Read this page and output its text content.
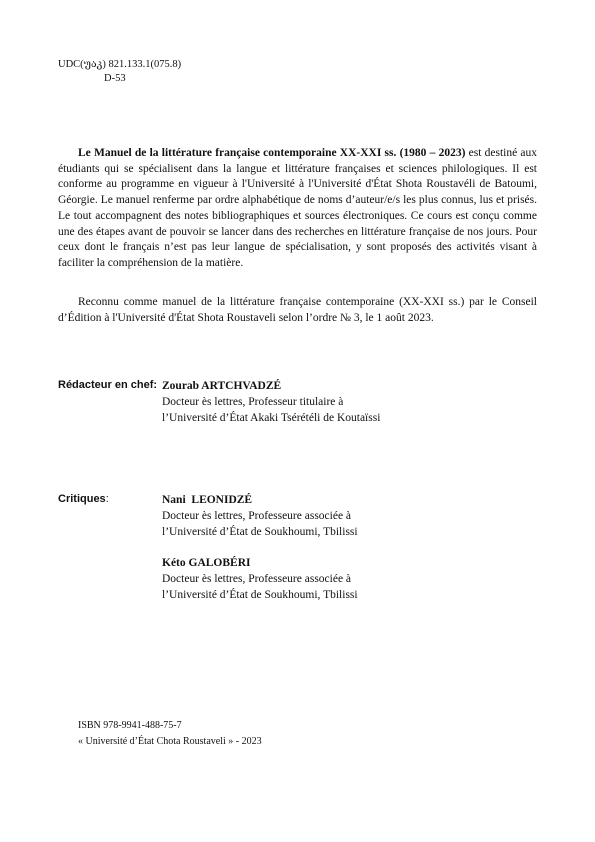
UDC(უაკ) 821.133.1(075.8)
D-53

Le Manuel de la littérature française contemporaine XX-XXI ss. (1980 – 2023) est destiné aux étudiants qui se spécialisent dans la langue et littérature françaises et sciences philologiques. Il est conforme au programme en vigueur à l'Université à l'Université d'État Shota Roustavéli de Batoumi, Géorgie. Le manuel renferme par ordre alphabétique de noms d’auteur/e/s les plus connus, lus et prisés. Le tout accompagnent des notes bibliographiques et sources électroniques. Ce cours est conçu comme une des étapes avant de pouvoir se lancer dans des recherches en littérature française de nos jours. Pour ceux dont le français n’est pas leur langue de spécialisation, y sont proposés des activités visant à faciliter la compréhension de la matière.

Reconnu comme manuel de la littérature française contemporaine (XX-XXI ss.) par le Conseil d’Édition à l'Université d'État Shota Roustaveli selon l’ordre № 3, le 1 août 2023.

Rédacteur en chef: Zourab ARTCHVADZÉ
Docteur ès lettres, Professeur titulaire à
l’Université d’État Akaki Tsérétéli de Koutaïssi
Critiques:	Nani  LEONIDZÉ
Docteur ès lettres, Professeure associée à
l’Université d’État de Soukhoumi, Tbilissi
Kéto GALOBÉRI
Docteur ès lettres, Professeure associée à
l’Université d’État de Soukhoumi, Tbilissi
ISBN 978-9941-488-75-7
« Université d’État Chota Roustaveli » - 2023
